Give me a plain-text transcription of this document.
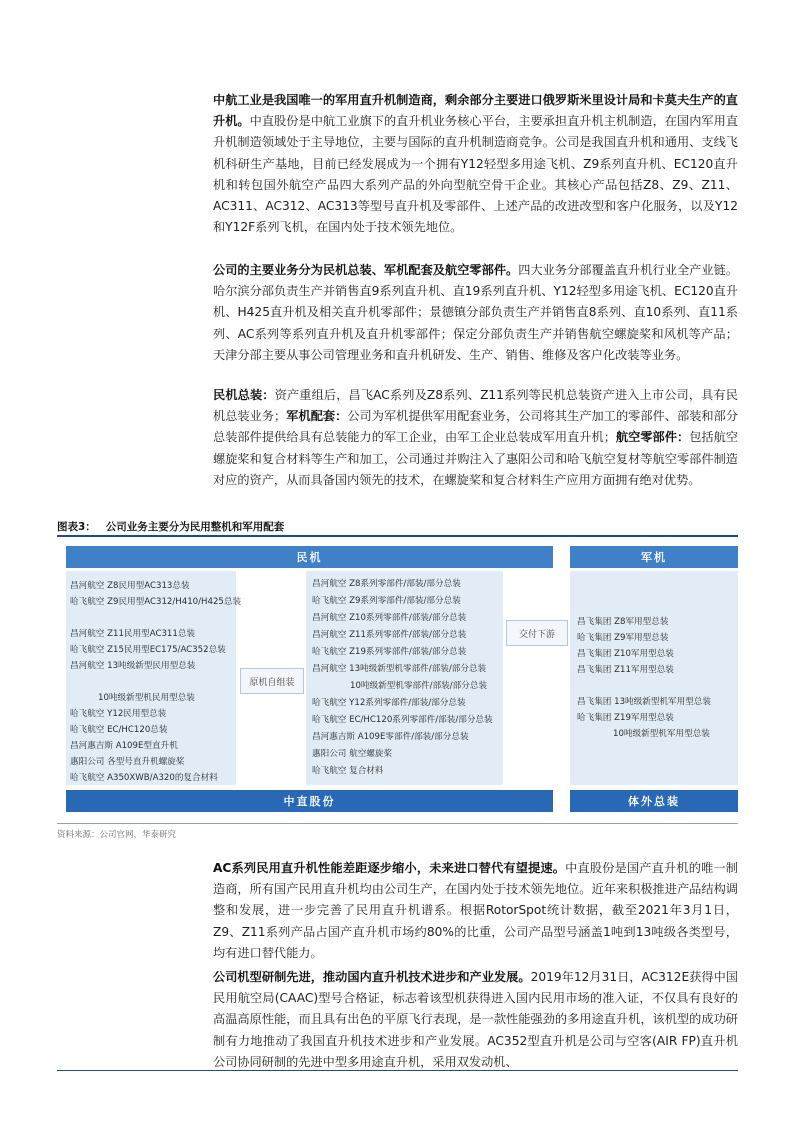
中航工业是我国唯一的军用直升机制造商，剩余部分主要进口俄罗斯米里设计局和卡莫夫生产的直升机。中直股份是中航工业旗下的直升机业务核心平台，主要承担直升机主机制造，在国内军用直升机制造领域处于主导地位，主要与国际的直升机制造商竞争。公司是我国直升机和通用、支线飞机科研生产基地，目前已经发展成为一个拥有Y12轻型多用途飞机、Z9系列直升机、EC120直升机和转包国外航空产品四大系列产品的外向型航空骨干企业。其核心产品包括Z8、Z9、Z11、AC311、AC312、AC313等型号直升机及零部件、上述产品的改进改型和客户化服务，以及Y12和Y12F系列飞机，在国内处于技术领先地位。
公司的主要业务分为民机总装、军机配套及航空零部件。四大业务分部覆盖直升机行业全产业链。哈尔滨分部负责生产并销售直9系列直升机、直19系列直升机、Y12轻型多用途飞机、EC120直升机、H425直升机及相关直升机零部件；景德镇分部负责生产并销售直8系列、直10系列、直11系列、AC系列等系列直升机及直升机零部件；保定分部负责生产并销售航空螺旋桨和风机等产品；天津分部主要从事公司管理业务和直升机研发、生产、销售、维修及客户化改装等业务。
民机总装：资产重组后，昌飞AC系列及Z8系列、Z11系列等民机总装资产进入上市公司，具有民机总装业务；军机配套：公司为军机提供军用配套业务，公司将其生产加工的零部件、部装和部分总装部件提供给具有总装能力的军工企业，由军工企业总装成军用直升机；航空零部件：包括航空螺旋桨和复合材料等生产和加工，公司通过并购注入了惠阳公司和哈飞航空复材等航空零部件制造对应的资产，从而具备国内领先的技术，在螺旋桨和复合材料生产应用方面拥有绝对优势。
图表3： 公司业务主要分为民用整机和军用配套
民机	军机
原机自组装
交付下游
中直股份	体外总装
昌河航空 Z8民用型AC313总装
哈飞航空 Z9民用型AC312/H410/H425总装
昌河航空 Z11民用型AC311总装
哈飞航空 Z15民用型EC175/AC352总装
昌河航空 13吨级新型民用型总装
10吨级新型机民用型总装
哈飞航空 Y12民用型总装
哈飞航空 EC/HC120总装
昌河惠吉斯 A109E型直升机
惠阳公司 各型号直升机螺旋桨
哈飞航空 A350XWB/A320的复合材料
昌河航空 Z8系列零部件/部装/部分总装
哈飞航空 Z9系列零部件/部装/部分总装
昌河航空 Z10系列零部件/部装/部分总装
昌河航空 Z11系列零部件/部装/部分总装
哈飞航空 Z19系列零部件/部装/部分总装
昌河航空 13吨级新型机零部件/部装/部分总装
10吨级新型机零部件/部装/部分总装
哈飞航空 Y12系列零部件/部装/部分总装
哈飞航空 EC/HC120系列零部件/部装/部分总装
昌河惠吉斯 A109E零部件/部装/部分总装
惠阳公司 航空螺旋桨
哈飞航空 复合材料
昌飞集团 Z8军用型总装
哈飞集团 Z9军用型总装
昌飞集团 Z10军用型总装
昌飞集团 Z11军用型总装
昌飞集团 13吨级新型机军用型总装
哈飞集团 Z19军用型总装
10吨级新型机军用型总装
资料来源：公司官网，华泰研究
AC系列民用直升机性能差距逐步缩小，未来进口替代有望提速。中直股份是国产直升机的唯一制造商，所有国产民用直升机均由公司生产，在国内处于技术领先地位。近年来积极推进产品结构调整和发展，进一步完善了民用直升机谱系。根据RotorSpot统计数据，截至2021年3月1日，Z9、Z11系列产品占国产直升机市场约80%的比重，公司产品型号涵盖1吨到13吨级各类型号，均有进口替代能力。
公司机型研制先进，推动国内直升机技术进步和产业发展。2019年12月31日，AC312E获得中国民用航空局(CAAC)型号合格证，标志着该型机获得进入国内民用市场的准入证，不仅具有良好的高温高原性能，而且具有出色的平原飞行表现，是一款性能强劲的多用途直升机，该机型的成功研制有力地推动了我国直升机技术进步和产业发展。AC352型直升机是公司与空客(AIR FP)直升机公司协同研制的先进中型多用途直升机，采用双发动机、
